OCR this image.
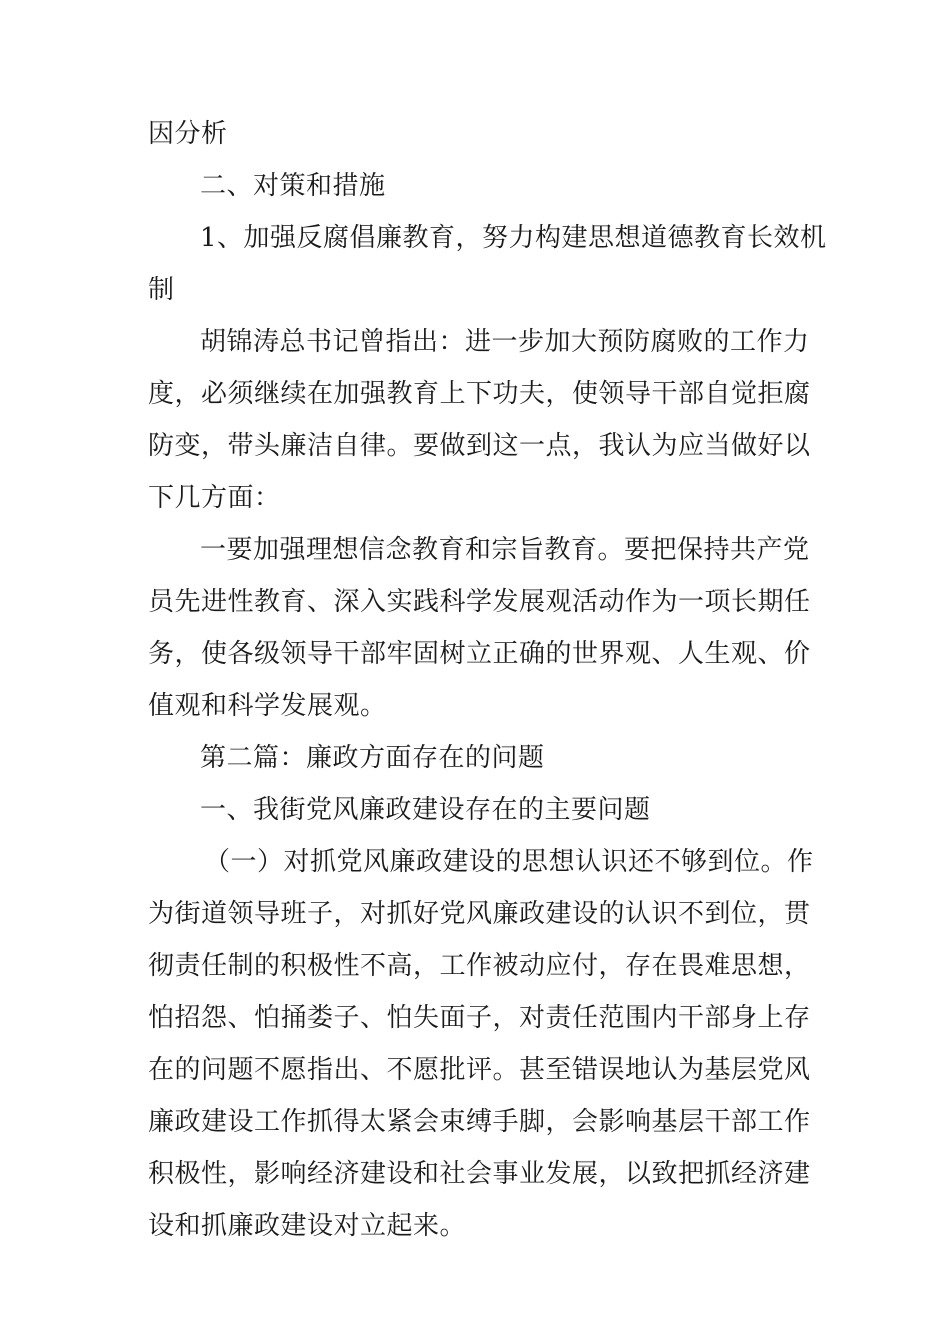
因分析
二、对策和措施
1、加强反腐倡廉教育，努力构建思想道德教育长效机
制
胡锦涛总书记曾指出：进一步加大预防腐败的工作力
度，必须继续在加强教育上下功夫，使领导干部自觉拒腐
防变，带头廉洁自律。要做到这一点，我认为应当做好以
下几方面：
一要加强理想信念教育和宗旨教育。要把保持共产党
员先进性教育、深入实践科学发展观活动作为一项长期任
务，使各级领导干部牢固树立正确的世界观、人生观、价
值观和科学发展观。
第二篇：廉政方面存在的问题
一、我街党风廉政建设存在的主要问题
（一）对抓党风廉政建设的思想认识还不够到位。作
为街道领导班子，对抓好党风廉政建设的认识不到位，贯
彻责任制的积极性不高，工作被动应付，存在畏难思想，
怕招怨、怕捅娄子、怕失面子，对责任范围内干部身上存
在的问题不愿指出、不愿批评。甚至错误地认为基层党风
廉政建设工作抓得太紧会束缚手脚，会影响基层干部工作
积极性，影响经济建设和社会事业发展，以致把抓经济建
设和抓廉政建设对立起来。
